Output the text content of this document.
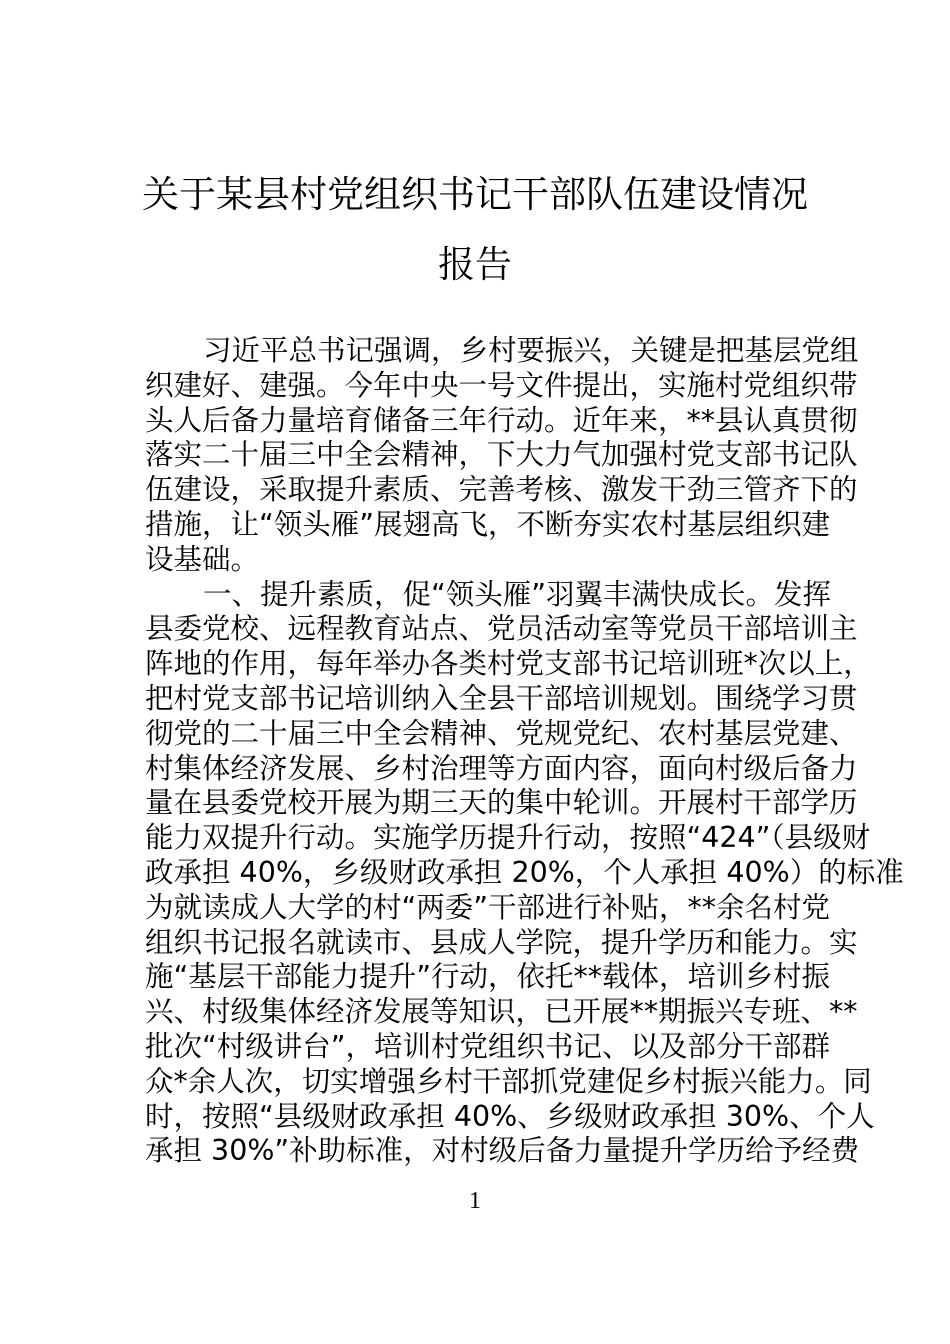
关于某县村党组织书记干部队伍建设情况
报告
习近平总书记强调，乡村要振兴，关键是把基层党组
织建好、建强。今年中央一号文件提出，实施村党组织带
头人后备力量培育储备三年行动。近年来，**县认真贯彻
落实二十届三中全会精神，下大力气加强村党支部书记队
伍建设，采取提升素质、完善考核、激发干劲三管齐下的
措施，让“领头雁”展翅高飞，不断夯实农村基层组织建
设基础。
一、提升素质，促“领头雁”羽翼丰满快成长。发挥
县委党校、远程教育站点、党员活动室等党员干部培训主
阵地的作用，每年举办各类村党支部书记培训班*次以上，
把村党支部书记培训纳入全县干部培训规划。围绕学习贯
彻党的二十届三中全会精神、党规党纪、农村基层党建、
村集体经济发展、乡村治理等方面内容，面向村级后备力
量在县委党校开展为期三天的集中轮训。开展村干部学历
能力双提升行动。实施学历提升行动，按照“424”（县级财
政承担 40%，乡级财政承担 20%，个人承担 40%）的标准
为就读成人大学的村“两委”干部进行补贴，**余名村党
组织书记报名就读市、县成人学院，提升学历和能力。实
施“基层干部能力提升”行动，依托**载体，培训乡村振
兴、村级集体经济发展等知识，已开展**期振兴专班、**
批次“村级讲台”，培训村党组织书记、以及部分干部群
众*余人次，切实增强乡村干部抓党建促乡村振兴能力。同
时，按照“县级财政承担 40%、乡级财政承担 30%、个人
承担 30%”补助标准，对村级后备力量提升学历给予经费
1
